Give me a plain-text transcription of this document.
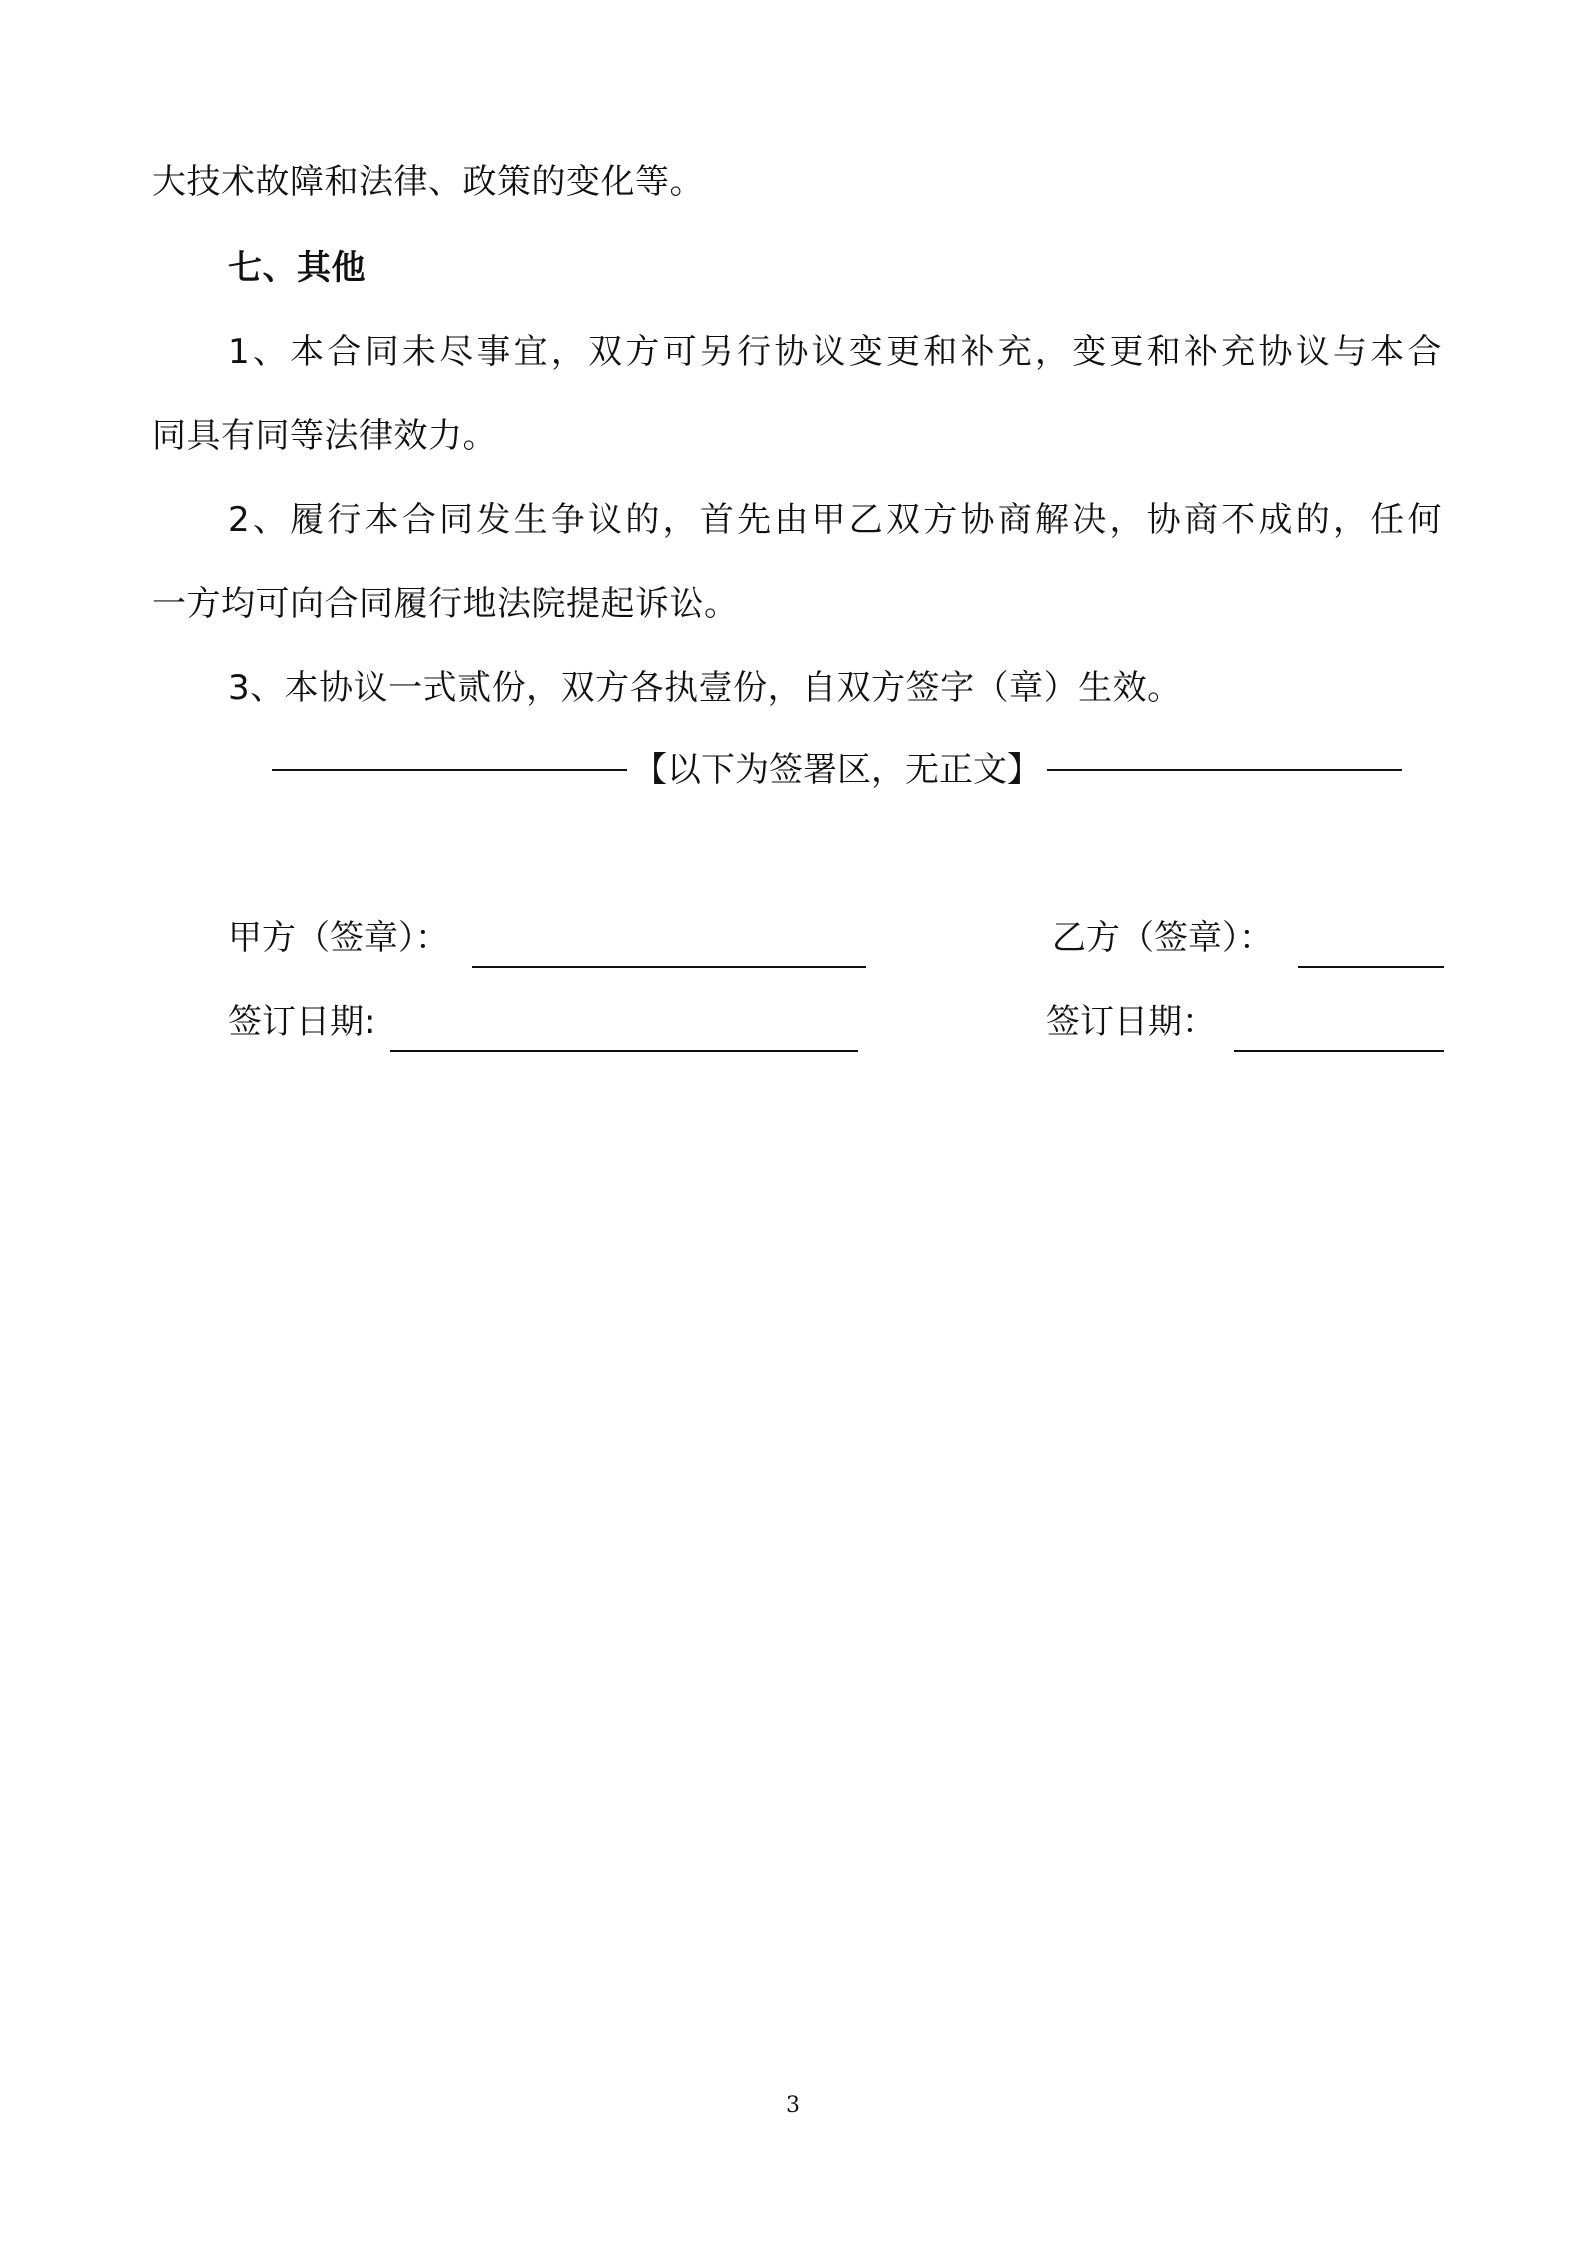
大技术故障和法律、政策的变化等。
七、其他
1、本合同未尽事宜，双方可另行协议变更和补充，变更和补充协议与本合
同具有同等法律效力。
2、履行本合同发生争议的，首先由甲乙双方协商解决，协商不成的，任何
一方均可向合同履行地法院提起诉讼。
3、本协议一式贰份，双方各执壹份，自双方签字（章）生效。
【以下为签署区，无正文】
甲方（签章）：	乙方（签章）：
签订日期:	签订日期：
3
